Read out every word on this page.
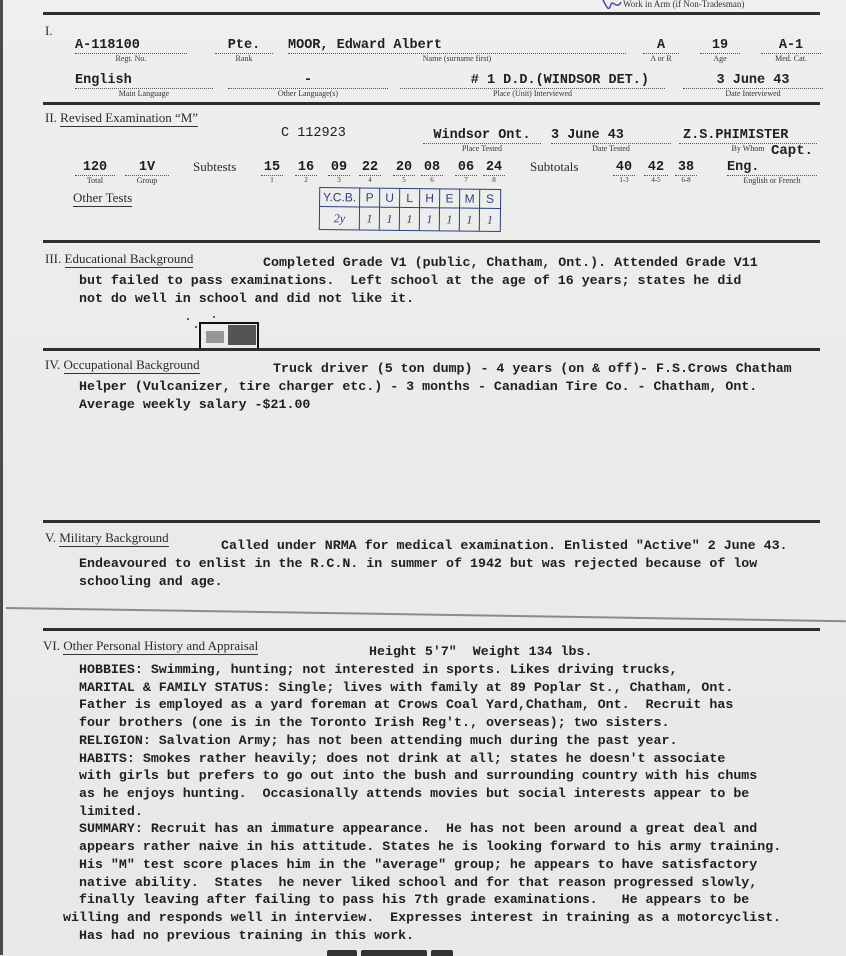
Work in Arm (if Non-Tradesman)
I.
A-118100
Regt. No.
Pte.
Rank
MOOR, Edward Albert
Name (surname first)
A
A or R
19
Age
A-1
Med. Cat.
English
Main Language
-
Other Language(s)
# 1 D.D.(WINDSOR DET.)
Place (Unit) Interviewed
3 June 43
Date Interviewed
II. Revised Examination “M”
C 112923	Windsor Ont.
Place Tested
3 June 43
Date Tested
Z.S.PHIMISTER
By Whom Capt.
120
Total
1V
Group
Subtests 15
1
16
2
09
3
22
4
20
5
08
6
06
7
24
8
Subtotals	40
1-3
42
4-5
38
6-8
Eng.
English or French
Other Tests	Y.C.B. P U	L	H E M S
2y	1	1	1	1	1	1	1
III. Educational Background	Completed Grade V1 (public, Chatham, Ont.). Attended Grade V11
but failed to pass examinations.  Left school at the age of 16 years; states he did
not do well in school and did not like it.
IV. Occupational Background	Truck driver (5 ton dump) - 4 years (on & off)- F.S.Crows Chatham
Helper (Vulcanizer, tire charger etc.) - 3 months - Canadian Tire Co. - Chatham, Ont.
Average weekly salary -$21.00
V. Military Background
Called under NRMA for medical examination. Enlisted "Active" 2 June 43.
Endeavoured to enlist in the R.C.N. in summer of 1942 but was rejected because of low
schooling and age.
VI. Other Personal History and Appraisal	Height 5'7"  Weight 134 lbs.
HOBBIES: Swimming, hunting; not interested in sports. Likes driving trucks,
MARITAL & FAMILY STATUS: Single; lives with family at 89 Poplar St., Chatham, Ont.
Father is employed as a yard foreman at Crows Coal Yard,Chatham, Ont.  Recruit has
four brothers (one is in the Toronto Irish Reg't., overseas); two sisters.
RELIGION: Salvation Army; has not been attending much during the past year.
HABITS: Smokes rather heavily; does not drink at all; states he doesn't associate
with girls but prefers to go out into the bush and surrounding country with his chums
as he enjoys hunting.  Occasionally attends movies but social interests appear to be
limited.
SUMMARY: Recruit has an immature appearance.  He has not been around a great deal and
appears rather naive in his attitude. States he is looking forward to his army training.
His "M" test score places him in the "average" group; he appears to have satisfactory
native ability.  States  he never liked school and for that reason progressed slowly,
finally leaving after failing to pass his 7th grade examinations.   He appears to be
willing and responds well in interview.  Expresses interest in training as a motorcyclist.
Has had no previous training in this work.
